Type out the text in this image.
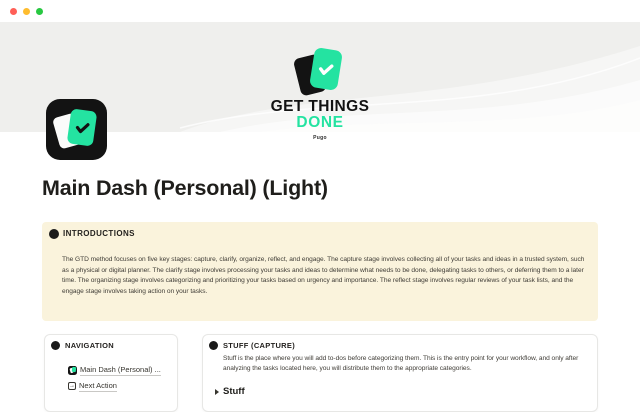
GET THINGS
DONE
Pugo
Main Dash (Personal) (Light)
INTRODUCTIONS
The GTD method focuses on five key stages: capture, clarify, organize, reflect, and engage. The capture stage involves collecting all of your tasks and ideas in a trusted system, such as a physical or digital planner. The clarify stage involves processing your tasks and ideas to determine what needs to be done, delegating tasks to others, or deferring them to a later time. The organizing stage involves categorizing and prioritizing your tasks based on urgency and importance. The reflect stage involves regular reviews of your task lists, and the engage stage involves taking action on your tasks.
NAVIGATION
Main Dash (Personal) ...
→ Next Action
STUFF (CAPTURE)
Stuff is the place where you will add to-dos before categorizing them. This is the entry point for your workflow, and only after analyzing the tasks located here, you will distribute them to the appropriate categories.
Stuff
